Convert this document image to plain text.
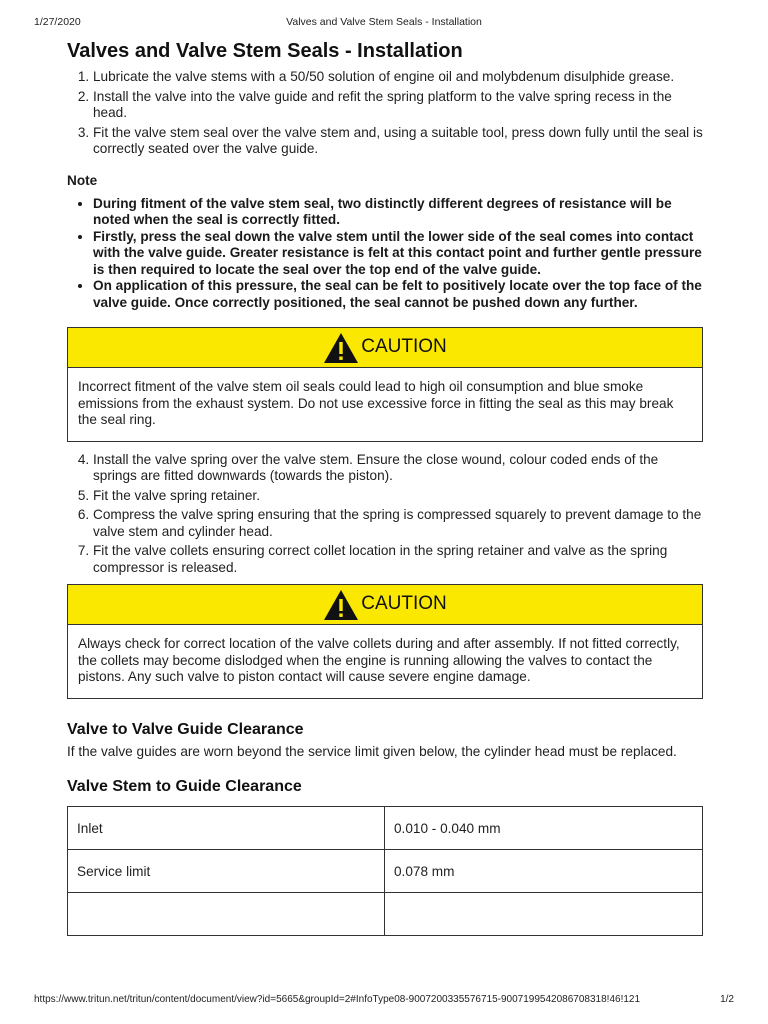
1/27/2020	Valves and Valve Stem Seals - Installation
Valves and Valve Stem Seals - Installation
1. Lubricate the valve stems with a 50/50 solution of engine oil and molybdenum disulphide grease.
2. Install the valve into the valve guide and refit the spring platform to the valve spring recess in the head.
3. Fit the valve stem seal over the valve stem and, using a suitable tool, press down fully until the seal is correctly seated over the valve guide.
Note
• During fitment of the valve stem seal, two distinctly different degrees of resistance will be noted when the seal is correctly fitted.
• Firstly, press the seal down the valve stem until the lower side of the seal comes into contact with the valve guide. Greater resistance is felt at this contact point and further gentle pressure is then required to locate the seal over the top end of the valve guide.
• On application of this pressure, the seal can be felt to positively locate over the top face of the valve guide. Once correctly positioned, the seal cannot be pushed down any further.
CAUTION
Incorrect fitment of the valve stem oil seals could lead to high oil consumption and blue smoke emissions from the exhaust system. Do not use excessive force in fitting the seal as this may break the seal ring.
4. Install the valve spring over the valve stem. Ensure the close wound, colour coded ends of the springs are fitted downwards (towards the piston).
5. Fit the valve spring retainer.
6. Compress the valve spring ensuring that the spring is compressed squarely to prevent damage to the valve stem and cylinder head.
7. Fit the valve collets ensuring correct collet location in the spring retainer and valve as the spring compressor is released.
CAUTION
Always check for correct location of the valve collets during and after assembly. If not fitted correctly, the collets may become dislodged when the engine is running allowing the valves to contact the pistons. Any such valve to piston contact will cause severe engine damage.
Valve to Valve Guide Clearance

If the valve guides are worn beyond the service limit given below, the cylinder head must be replaced.

Valve Stem to Guide Clearance
Inlet	0.010 - 0.040 mm
Service limit	0.078 mm

https://www.tritun.net/tritun/content/document/view?id=5665&groupId=2#InfoType08-9007200335576715-9007199542086708318!46!121	1/2
